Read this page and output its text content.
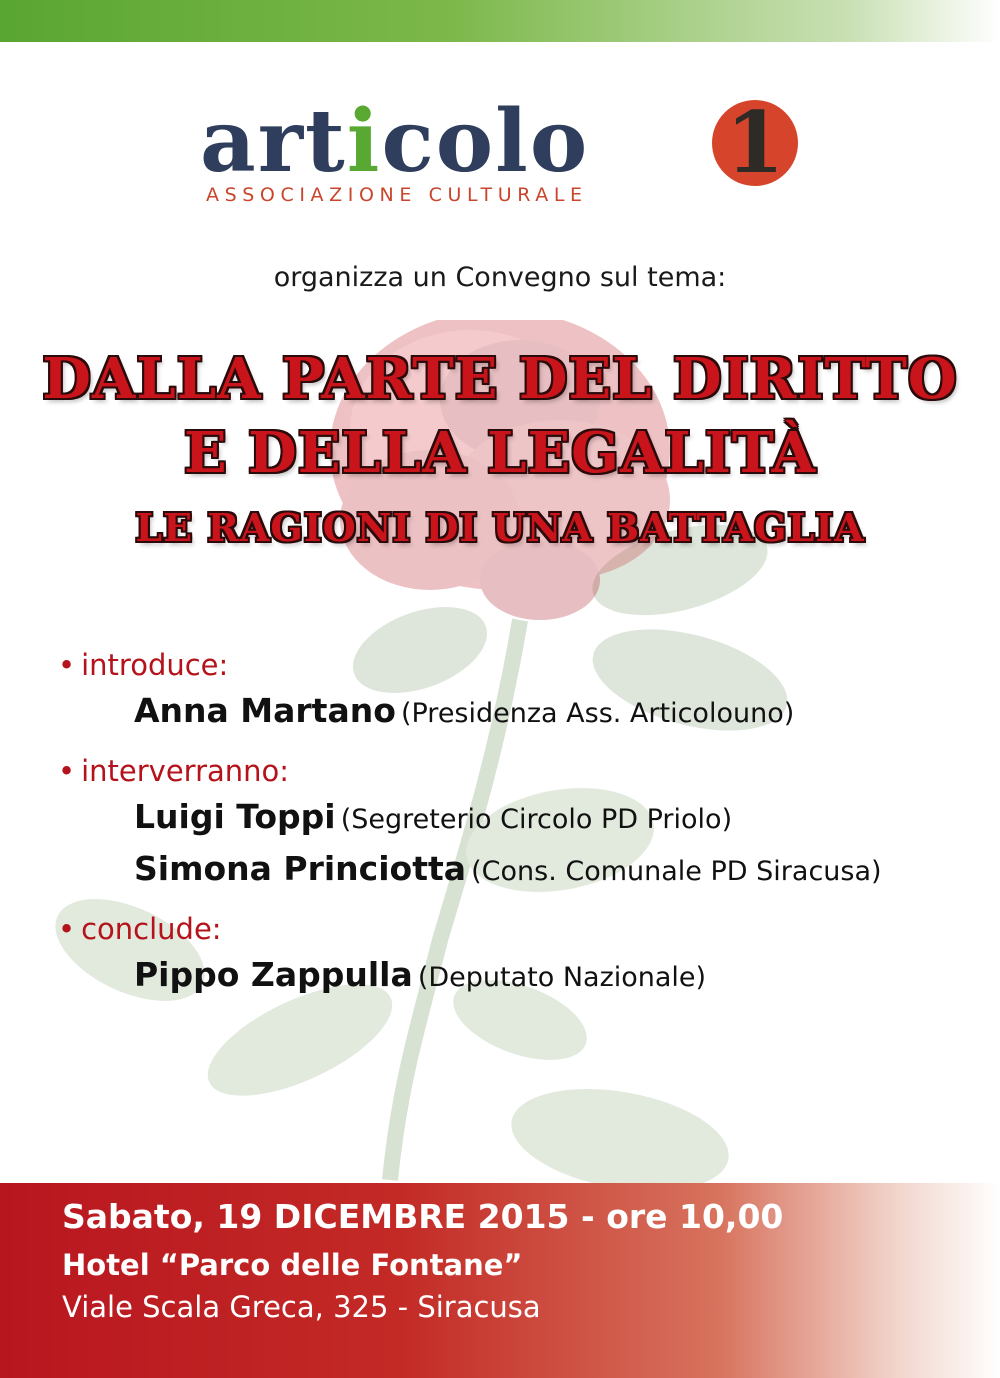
articolo 1
ASSOCIAZIONE CULTURALE
organizza un Convegno sul tema:
DALLA PARTE DEL DIRITTO
E DELLA LEGALITÀ
LE RAGIONI DI UNA BATTAGLIA
• introduce:
Anna Martano (Presidenza Ass. Articolouno)
• interverranno:
Luigi Toppi (Segreterio Circolo PD Priolo)
Simona Princiotta (Cons. Comunale PD Siracusa)
• conclude:
Pippo Zappulla (Deputato Nazionale)
Sabato, 19 DICEMBRE 2015 - ore 10,00
Hotel “Parco delle Fontane”
Viale Scala Greca, 325 - Siracusa
